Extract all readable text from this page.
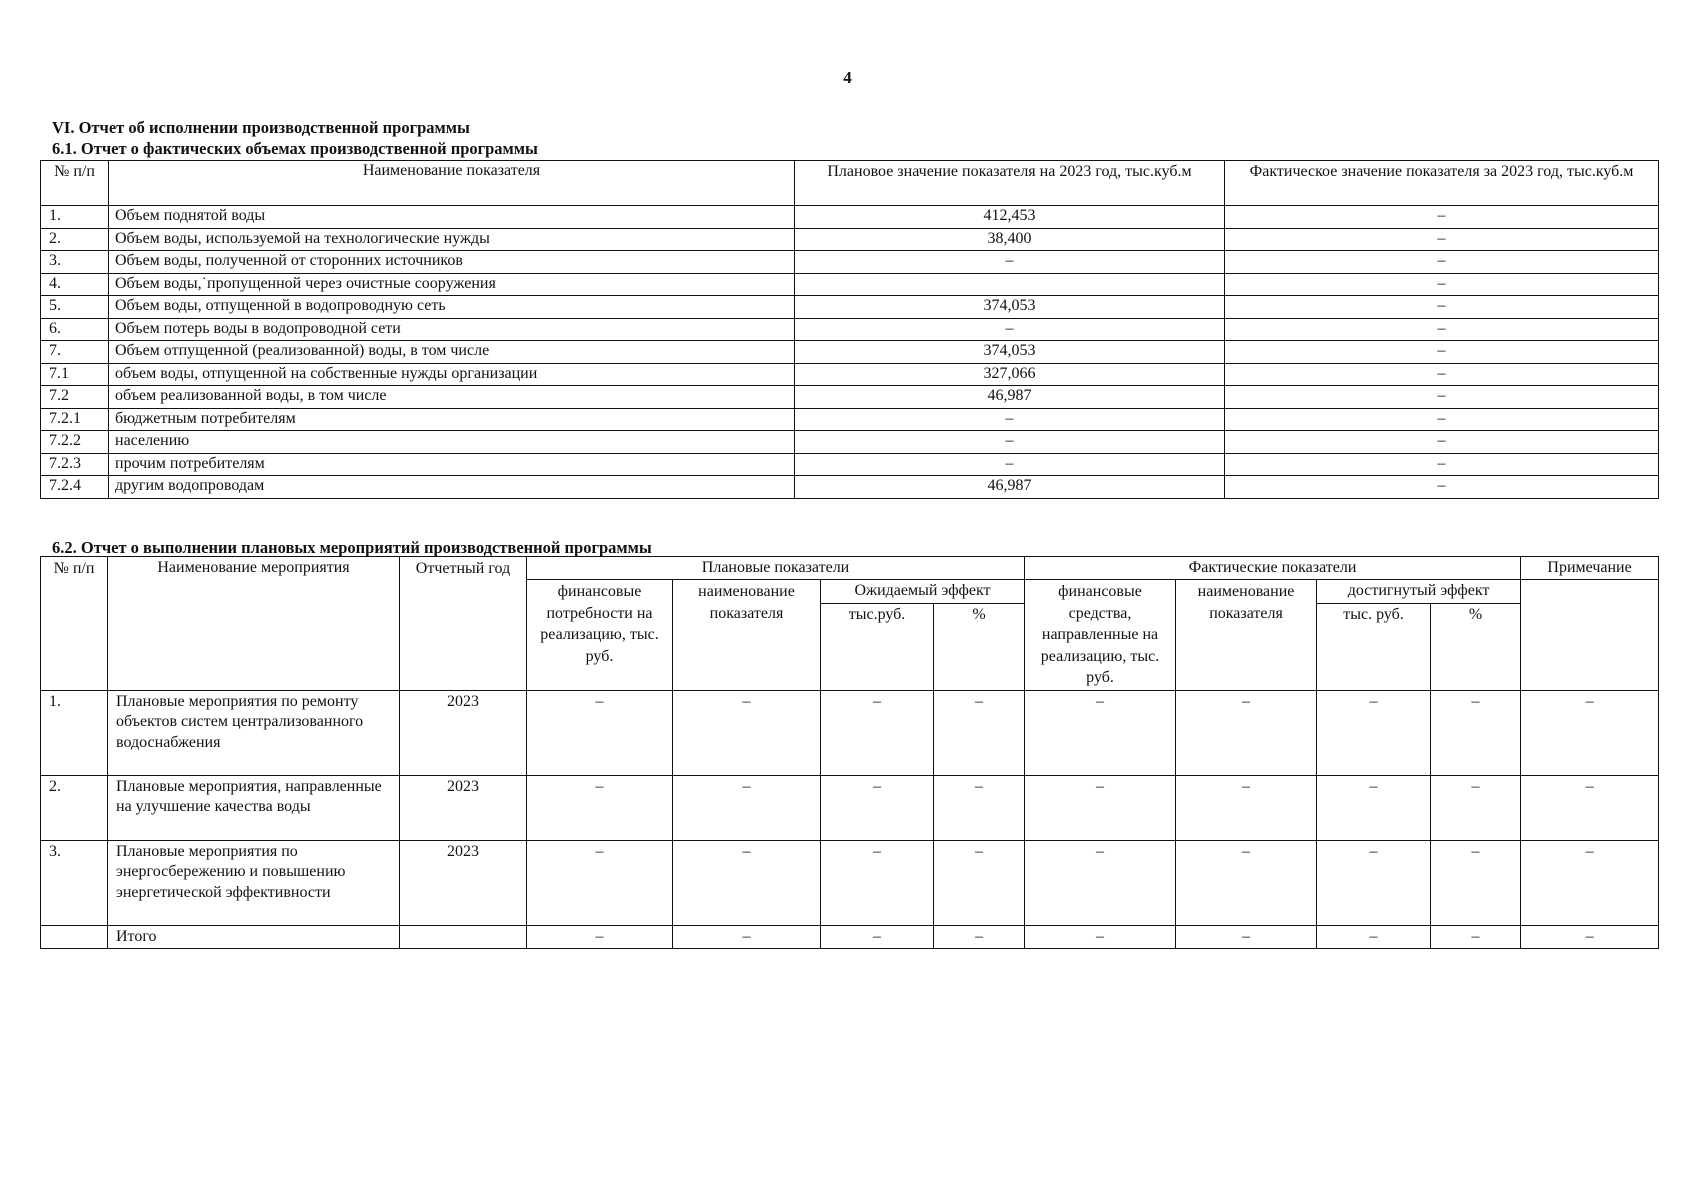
4
VI. Отчет об исполнении производственной программы
6.1. Отчет о фактических объемах производственной программы
№ п/п	Наименование показателя	Плановое значение показателя на 2023 год, тыс.куб.м	Фактическое значение показателя за 2023 год, тыс.куб.м
1.	Объем поднятой воды	412,453	–
2.	Объем воды, используемой на технологические нужды	38,400	–
3.	Объем воды, полученной от сторонних источников	–	–
4.	Объем воды,˙пропущенной через очистные сооружения		–
5.	Объем воды, отпущенной в водопроводную сеть	374,053	–
6.	Объем потерь воды в водопроводной сети	–	–
7.	Объем отпущенной (реализованной) воды, в том числе	374,053	–
7.1	объем воды, отпущенной на собственные нужды организации	327,066	–
7.2	объем реализованной воды, в том числе	46,987	–
7.2.1	бюджетным потребителям	–	–
7.2.2	населению	–	–
7.2.3	прочим потребителям	–	–
7.2.4	другим водопроводам	46,987	–
6.2. Отчет о выполнении плановых мероприятий производственной программы
№ п/п	Наименование мероприятия	Отчетный год	Плановые показатели				Фактические показатели				Примечание
			финансовые потребности на реализацию, тыс. руб.	наименование показателя	Ожидаемый эффект		финансовые средства, направленные на реализацию, тыс. руб.	наименование показателя	достигнутый эффект		
					тыс.руб.	%			тыс. руб.	%	
1.	Плановые мероприятия по ремонту объектов систем централизованного водоснабжения	2023	–	–	–	–	–	–	–	–	–
2.	Плановые мероприятия, направленные на улучшение качества воды	2023	–	–	–	–	–	–	–	–	–
3.	Плановые мероприятия по энергосбережению и повышению энергетической эффективности	2023	–	–	–	–	–	–	–	–	–
	Итого		–	–	–	–	–	–	–	–	–
